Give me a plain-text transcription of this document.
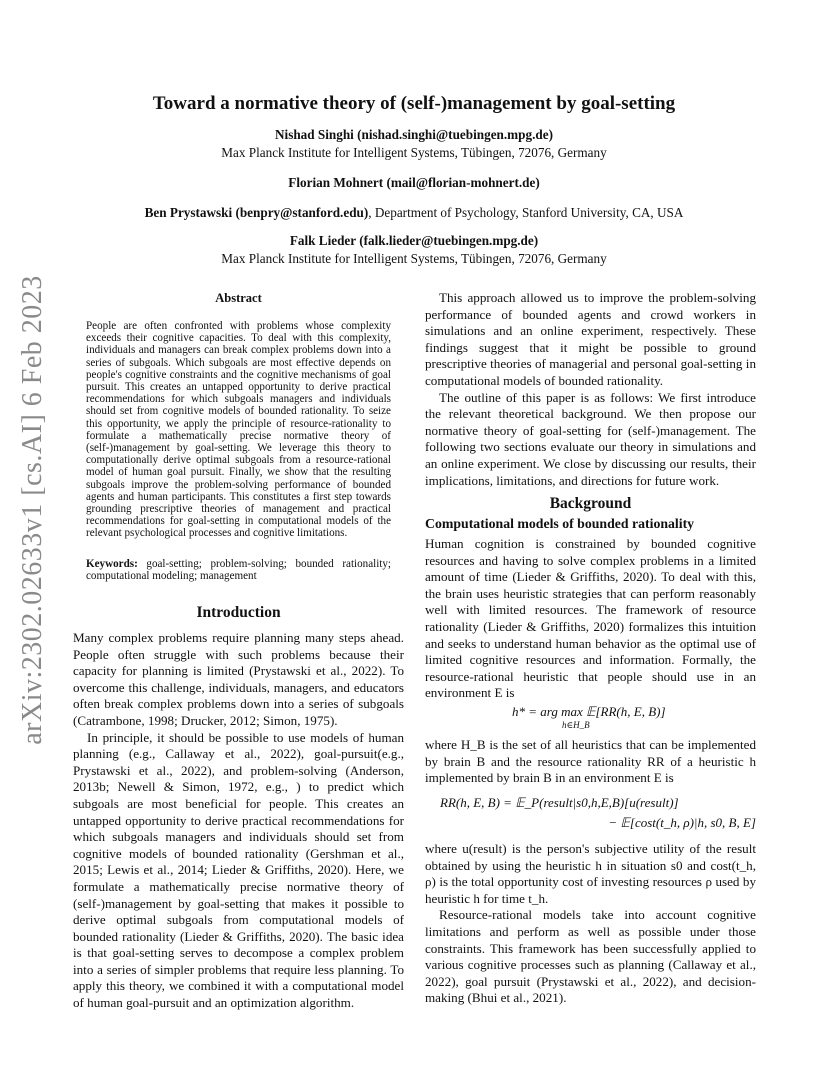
arXiv:2302.02633v1 [cs.AI] 6 Feb 2023
Toward a normative theory of (self-)management by goal-setting
Nishad Singhi (nishad.singhi@tuebingen.mpg.de)
Max Planck Institute for Intelligent Systems, Tübingen, 72076, Germany
Florian Mohnert (mail@florian-mohnert.de)
Ben Prystawski (benpry@stanford.edu), Department of Psychology, Stanford University, CA, USA
Falk Lieder (falk.lieder@tuebingen.mpg.de)
Max Planck Institute for Intelligent Systems, Tübingen, 72076, Germany
Abstract
People are often confronted with problems whose complexity exceeds their cognitive capacities. To deal with this complexity, individuals and managers can break complex problems down into a series of subgoals. Which subgoals are most effective depends on people's cognitive constraints and the cognitive mechanisms of goal pursuit. This creates an untapped opportunity to derive practical recommendations for which subgoals managers and individuals should set from cognitive models of bounded rationality. To seize this opportunity, we apply the principle of resource-rationality to formulate a mathematically precise normative theory of (self-)management by goal-setting. We leverage this theory to computationally derive optimal subgoals from a resource-rational model of human goal pursuit. Finally, we show that the resulting subgoals improve the problem-solving performance of bounded agents and human participants. This constitutes a first step towards grounding prescriptive theories of management and practical recommendations for goal-setting in computational models of the relevant psychological processes and cognitive limitations.
Keywords: goal-setting; problem-solving; bounded rationality; computational modeling; management
Introduction

Many complex problems require planning many steps ahead. People often struggle with such problems because their capacity for planning is limited (Prystawski et al., 2022). To overcome this challenge, individuals, managers, and educators often break complex problems down into a series of subgoals (Catrambone, 1998; Drucker, 2012; Simon, 1975).

In principle, it should be possible to use models of human planning (e.g., Callaway et al., 2022), goal-pursuit(e.g., Prystawski et al., 2022), and problem-solving (Anderson, 2013b; Newell & Simon, 1972, e.g., ) to predict which subgoals are most beneficial for people. This creates an untapped opportunity to derive practical recommendations for which subgoals managers and individuals should set from cognitive models of bounded rationality (Gershman et al., 2015; Lewis et al., 2014; Lieder & Griffiths, 2020). Here, we formulate a mathematically precise normative theory of (self-)management by goal-setting that makes it possible to derive optimal subgoals from computational models of bounded rationality (Lieder & Griffiths, 2020). The basic idea is that goal-setting serves to decompose a complex problem into a series of simpler problems that require less planning. To apply this theory, we combined it with a computational model of human goal-pursuit and an optimization algorithm.

This approach allowed us to improve the problem-solving performance of bounded agents and crowd workers in simulations and an online experiment, respectively. These findings suggest that it might be possible to ground prescriptive theories of managerial and personal goal-setting in computational models of bounded rationality.

The outline of this paper is as follows: We first introduce the relevant theoretical background. We then propose our normative theory of goal-setting for (self-)management. The following two sections evaluate our theory in simulations and an online experiment. We close by discussing our results, their implications, limitations, and directions for future work.

Background
Computational models of bounded rationality

Human cognition is constrained by bounded cognitive resources and having to solve complex problems in a limited amount of time (Lieder & Griffiths, 2020). To deal with this, the brain uses heuristic strategies that can perform reasonably well with limited resources. The framework of resource rationality (Lieder & Griffiths, 2020) formalizes this intuition and seeks to understand human behavior as the optimal use of limited cognitive resources and information. Formally, the resource-rational heuristic that people should use in an environment E is

h* = arg max 𝔼[RR(h, E, B)]
h∈H_B

where H_B is the set of all heuristics that can be implemented by brain B and the resource rationality RR of a heuristic h implemented by brain B in an environment E is

RR(h, E, B) = 𝔼_P(result|s0,h,E,B)[u(result)]
− 𝔼[cost(t_h, ρ)|h, s0, B, E]

where u(result) is the person's subjective utility of the result obtained by using the heuristic h in situation s0 and cost(t_h, ρ) is the total opportunity cost of investing resources ρ used by heuristic h for time t_h.

Resource-rational models take into account cognitive limitations and perform as well as possible under those constraints. This framework has been successfully applied to various cognitive processes such as planning (Callaway et al., 2022), goal pursuit (Prystawski et al., 2022), and decision-making (Bhui et al., 2021).
